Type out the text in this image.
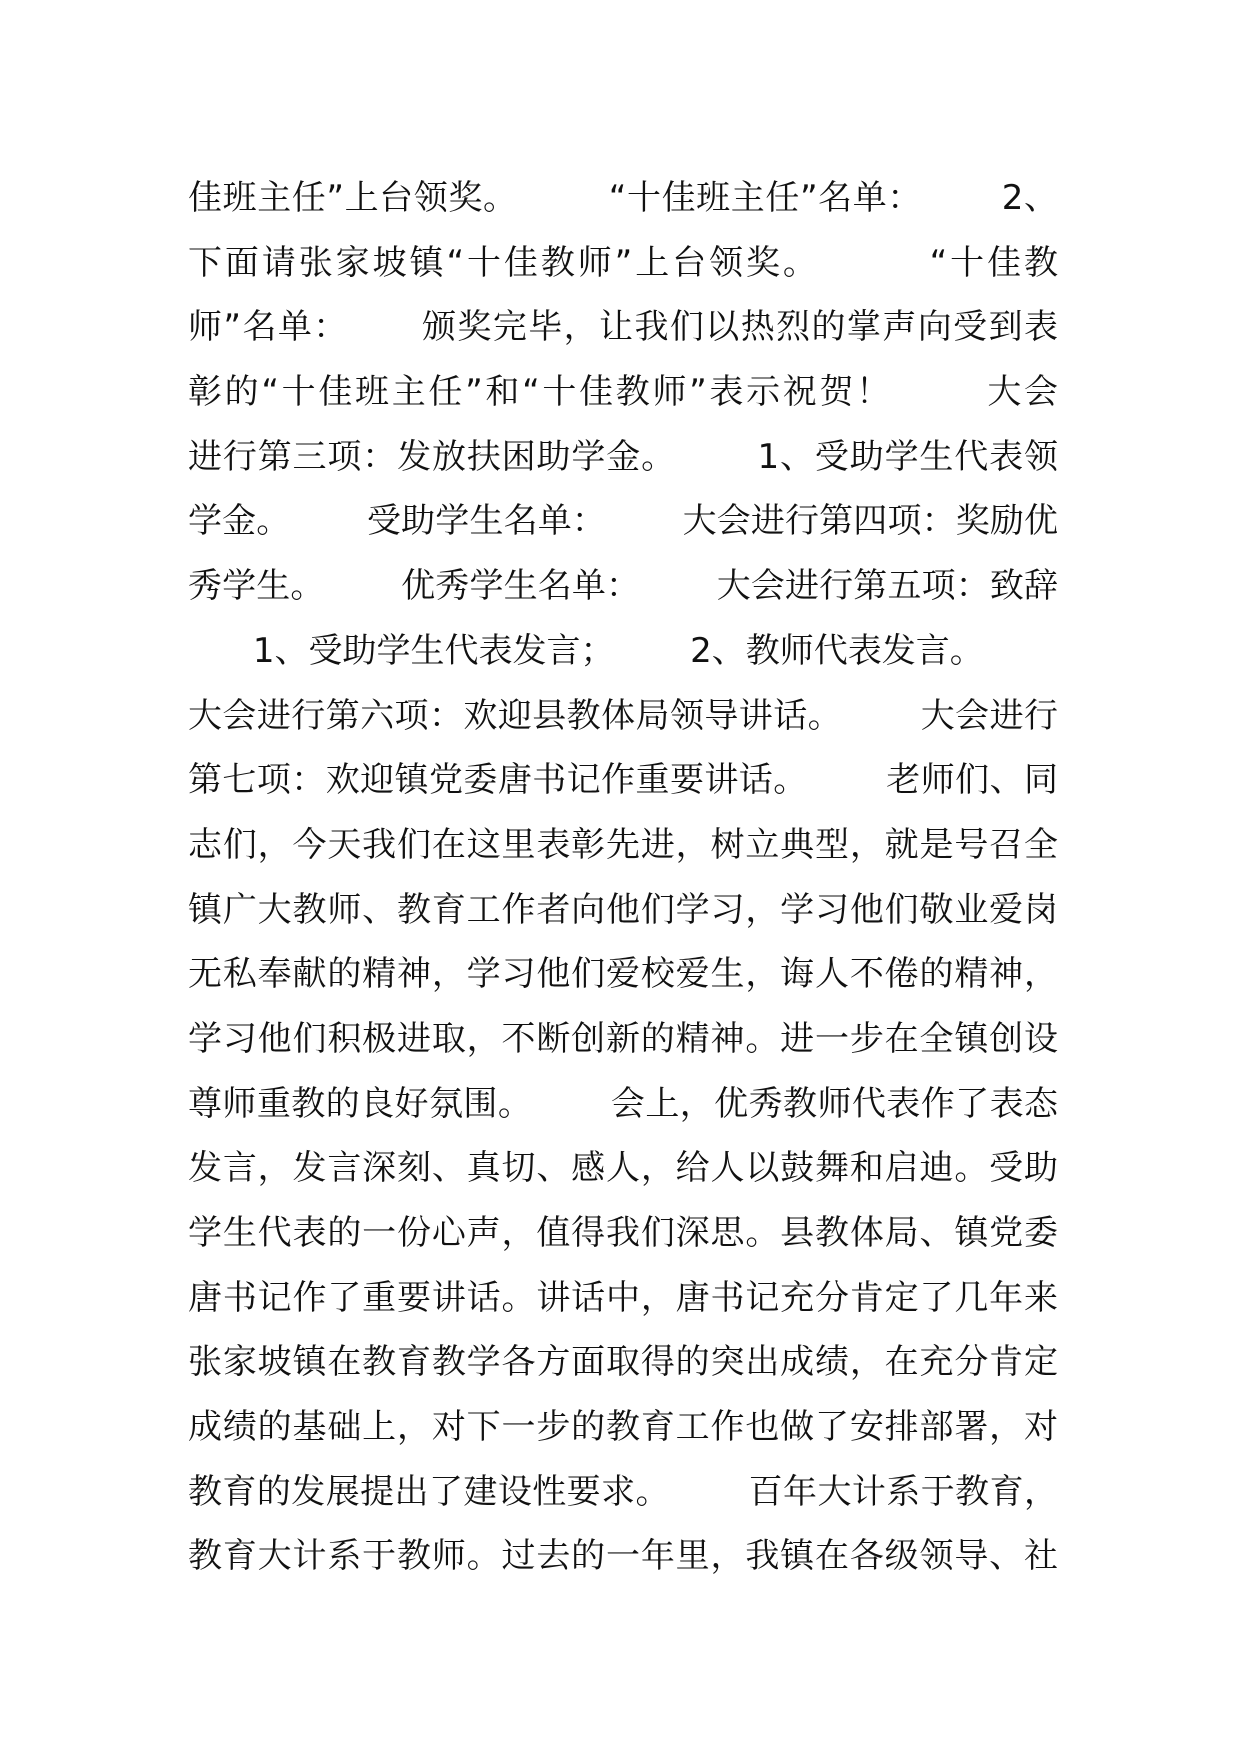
佳班主任”上台领奖。        “十佳班主任”名单：       2、
下面请张家坡镇“十佳教师”上台领奖。        “十佳教
师”名单：      颁奖完毕，让我们以热烈的掌声向受到表
彰的“十佳班主任”和“十佳教师”表示祝贺！       大会
进行第三项：发放扶困助学金。       1、受助学生代表领
学金。       受助学生名单：       大会进行第四项：奖励优
秀学生。       优秀学生名单：       大会进行第五项：致辞
1、受助学生代表发言；       2、教师代表发言。
大会进行第六项：欢迎县教体局领导讲话。       大会进行
第七项：欢迎镇党委唐书记作重要讲话。       老师们、同
志们，今天我们在这里表彰先进，树立典型，就是号召全
镇广大教师、教育工作者向他们学习，学习他们敬业爱岗
无私奉献的精神，学习他们爱校爱生，诲人不倦的精神，
学习他们积极进取，不断创新的精神。进一步在全镇创设
尊师重教的良好氛围。       会上，优秀教师代表作了表态
发言，发言深刻、真切、感人，给人以鼓舞和启迪。受助
学生代表的一份心声，值得我们深思。县教体局、镇党委
唐书记作了重要讲话。讲话中，唐书记充分肯定了几年来
张家坡镇在教育教学各方面取得的突出成绩，在充分肯定
成绩的基础上，对下一步的教育工作也做了安排部署，对
教育的发展提出了建设性要求。       百年大计系于教育，
教育大计系于教师。过去的一年里，我镇在各级领导、社
